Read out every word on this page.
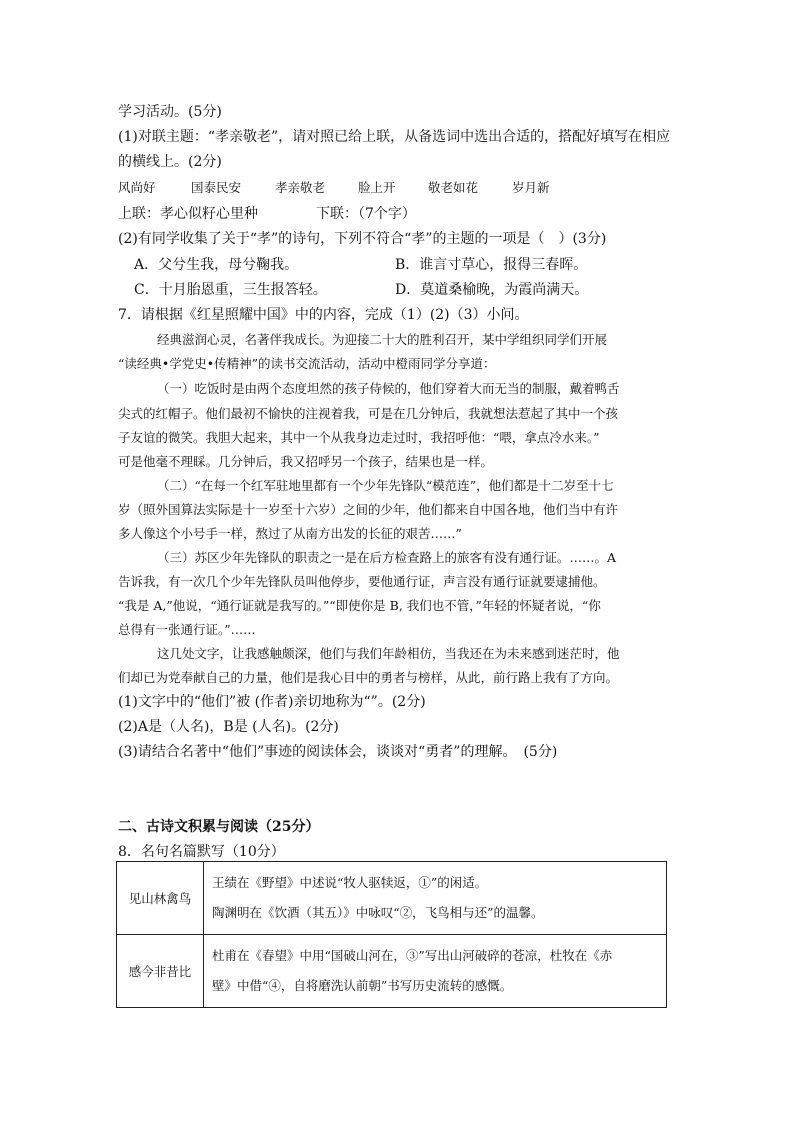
学习活动。(5分)
(1)对联主题：“孝亲敬老”，请对照已给上联，从备选词中选出合适的，搭配好填写在相应
的横线上。(2分)
风尚好	国泰民安	孝亲敬老	脸上开	敬老如花	岁月新
上联：孝心似籽心里种	下联：（7个字）
(2)有同学收集了关于“孝”的诗句，下列不符合“孝”的主题的一项是（　）(3分)
A．父兮生我，母兮鞠我。	B．谁言寸草心，报得三春晖。
C．十月胎恩重，三生报答轻。	D．莫道桑榆晚，为霞尚满天。
7．请根据《红星照耀中国》中的内容，完成（1）(2)（3）小问。
经典滋润心灵，名著伴我成长。为迎接二十大的胜利召开，某中学组织同学们开展
“读经典•学党史•传精神”的读书交流活动，活动中橙雨同学分享道：
（一）吃饭时是由两个态度坦然的孩子侍候的，他们穿着大而无当的制服，戴着鸭舌
尖式的红帽子。他们最初不愉快的注视着我，可是在几分钟后，我就想法惹起了其中一个孩
子友谊的微笑。我胆大起来，其中一个从我身边走过时，我招呼他：“喂，拿点冷水来。”
可是他毫不理睬。几分钟后，我又招呼另一个孩子，结果也是一样。
（二）“在每一个红军驻地里都有一个少年先锋队“模范连”，他们都是十二岁至十七
岁（照外国算法实际是十一岁至十六岁）之间的少年，他们都来自中国各地，他们当中有许
多人像这个小号手一样，熬过了从南方出发的长征的艰苦……”
（三）苏区少年先锋队的职责之一是在后方检查路上的旅客有没有通行证。……。A
告诉我，有一次几个少年先锋队员叫他停步，要他通行证，声言没有通行证就要逮捕他。
“我是 A,”他说，“通行证就是我写的。”“即使你是 B, 我们也不管，”年轻的怀疑者说，“你
总得有一张通行证。”……
这几处文字，让我感触颇深，他们与我们年龄相仿，当我还在为未来感到迷茫时，他
们却已为党奉献自己的力量，他们是我心目中的勇者与榜样，从此，前行路上我有了方向。
(1)文字中的“他们”被 (作者)亲切地称为“”。(2分)
(2)A是（人名)，B是 (人名)。(2分)
(3)请结合名著中“他们”事迹的阅读体会，谈谈对“勇者”的理解。　(5分)
二、古诗文积累与阅读（25分）
8．名句名篇默写（10分）
见山林禽鸟	王绩在《野望》中述说“牧人驱犊返，①”的闲适。
陶渊明在《饮酒（其五）》中咏叹“②，飞鸟相与还”的温馨。

感今非昔比	杜甫在《春望》中用“国破山河在，③”写出山河破碎的苍凉，杜牧在《赤
壁》中借“④，自将磨洗认前朝”书写历史流转的感慨。
